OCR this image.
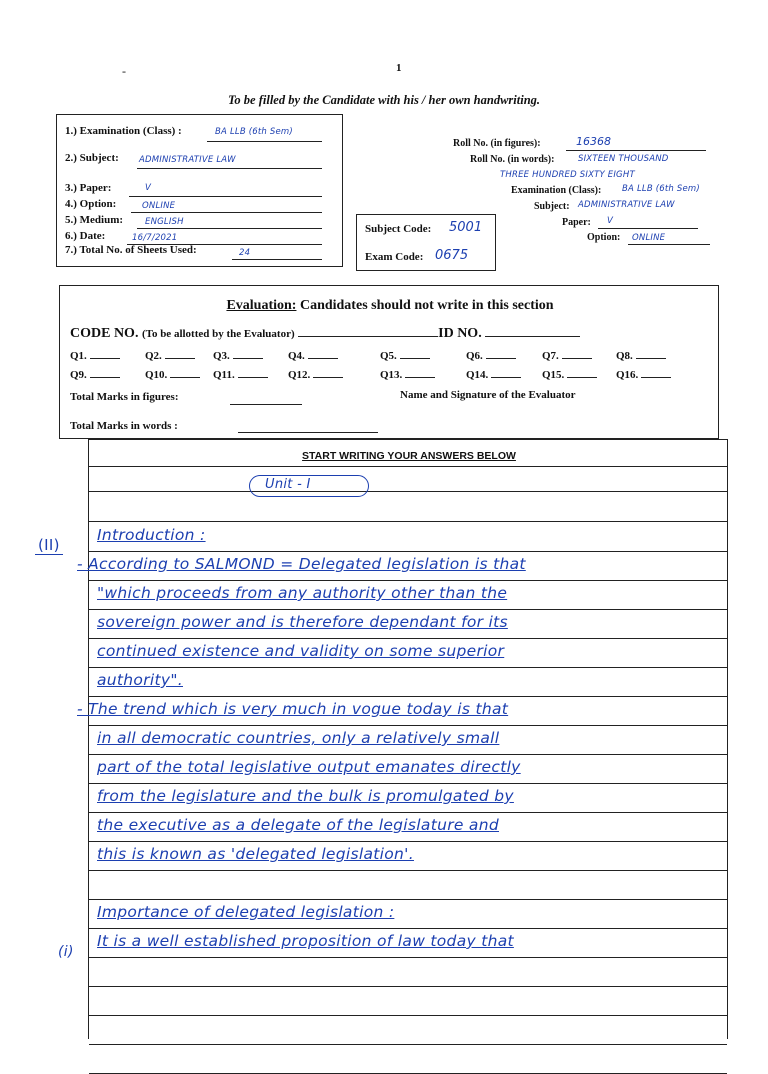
-	1
To be filled by the Candidate with his / her own handwriting.
1.) Examination (Class) :	BA LLB (6th Sem)
2.) Subject: ADMINISTRATIVE LAW
3.) Paper:	V
4.) Option:	ONLINE
5.) Medium:	ENGLISH
6.) Date:	16/7/2021
7.) Total No. of Sheets Used:	24
Roll No. (in figures):	16368
Roll No. (in words):	SIXTEEN THOUSAND
THREE HUNDRED SIXTY EIGHT
Examination (Class): BA LLB (6th Sem)
Subject: ADMINISTRATIVE LAW
Paper: V
Option: ONLINE
Subject Code: 5001
Exam Code: 0675
Evaluation: Candidates should not write in this section
CODE NO. (To be allotted by the Evaluator)	ID NO.
Q1.	Q2.	Q3.	Q4.	Q5.	Q6.	Q7.	Q8.
Q9.	Q10.	Q11.	Q12.	Q13.	Q14.	Q15.	Q16.
Total Marks in figures:	Name and Signature of the Evaluator
Total Marks in words :
START WRITING YOUR ANSWERS BELOW
Unit - I
Introduction :
- According to SALMOND = Delegated legislation is that
"which proceeds from any authority other than the
sovereign power and is therefore dependant for its
continued existence and validity on some superior
authority".
- The trend which is very much in vogue today is that
in all democratic countries, only a relatively small
part of the total legislative output emanates directly
from the legislature and the bulk is promulgated by
the executive as a delegate of the legislature and
this is known as 'delegated legislation'.
Importance of delegated legislation :
It is a well established proposition of law today that
(II)
(i)
